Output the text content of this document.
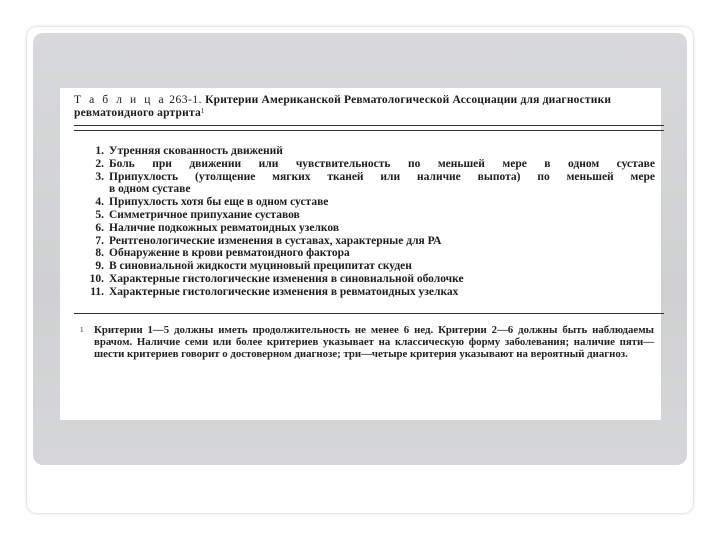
Т а б л и ц а 263-1. Критерии Американской Ревматологической Ассоциации для диагностики ревматоидного артрита$^1$
1. Утренняя скованность движений
2. Боль при движении или чувствительность по меньшей мере в одном суставе
3. Припухлость (утолщение мягких тканей или наличие выпота) по меньшей мере
в одном суставе
4. Припухлость хотя бы еще в одном суставе
5. Симметричное припухание суставов
6. Наличие подкожных ревматоидных узелков
7. Рентгенологические изменения в суставах, характерные для РА
8. Обнаружение в крови ревматоидного фактора
9. В синовиальной жидкости муциновый преципитат скуден
10. Характерные гистологические изменения в синовиальной оболочке
11. Характерные гистологические изменения в ревматоидных узелках
1 Критерии 1—5 должны иметь продолжительность не менее 6 нед. Критерии 2—6 должны быть наблюдаемы врачом. Наличие семи или более критериев указывает на классическую форму заболевания; наличие пяти—шести критериев говорит о достоверном диагнозе; три—четыре критерия указывают на вероятный диагноз.
